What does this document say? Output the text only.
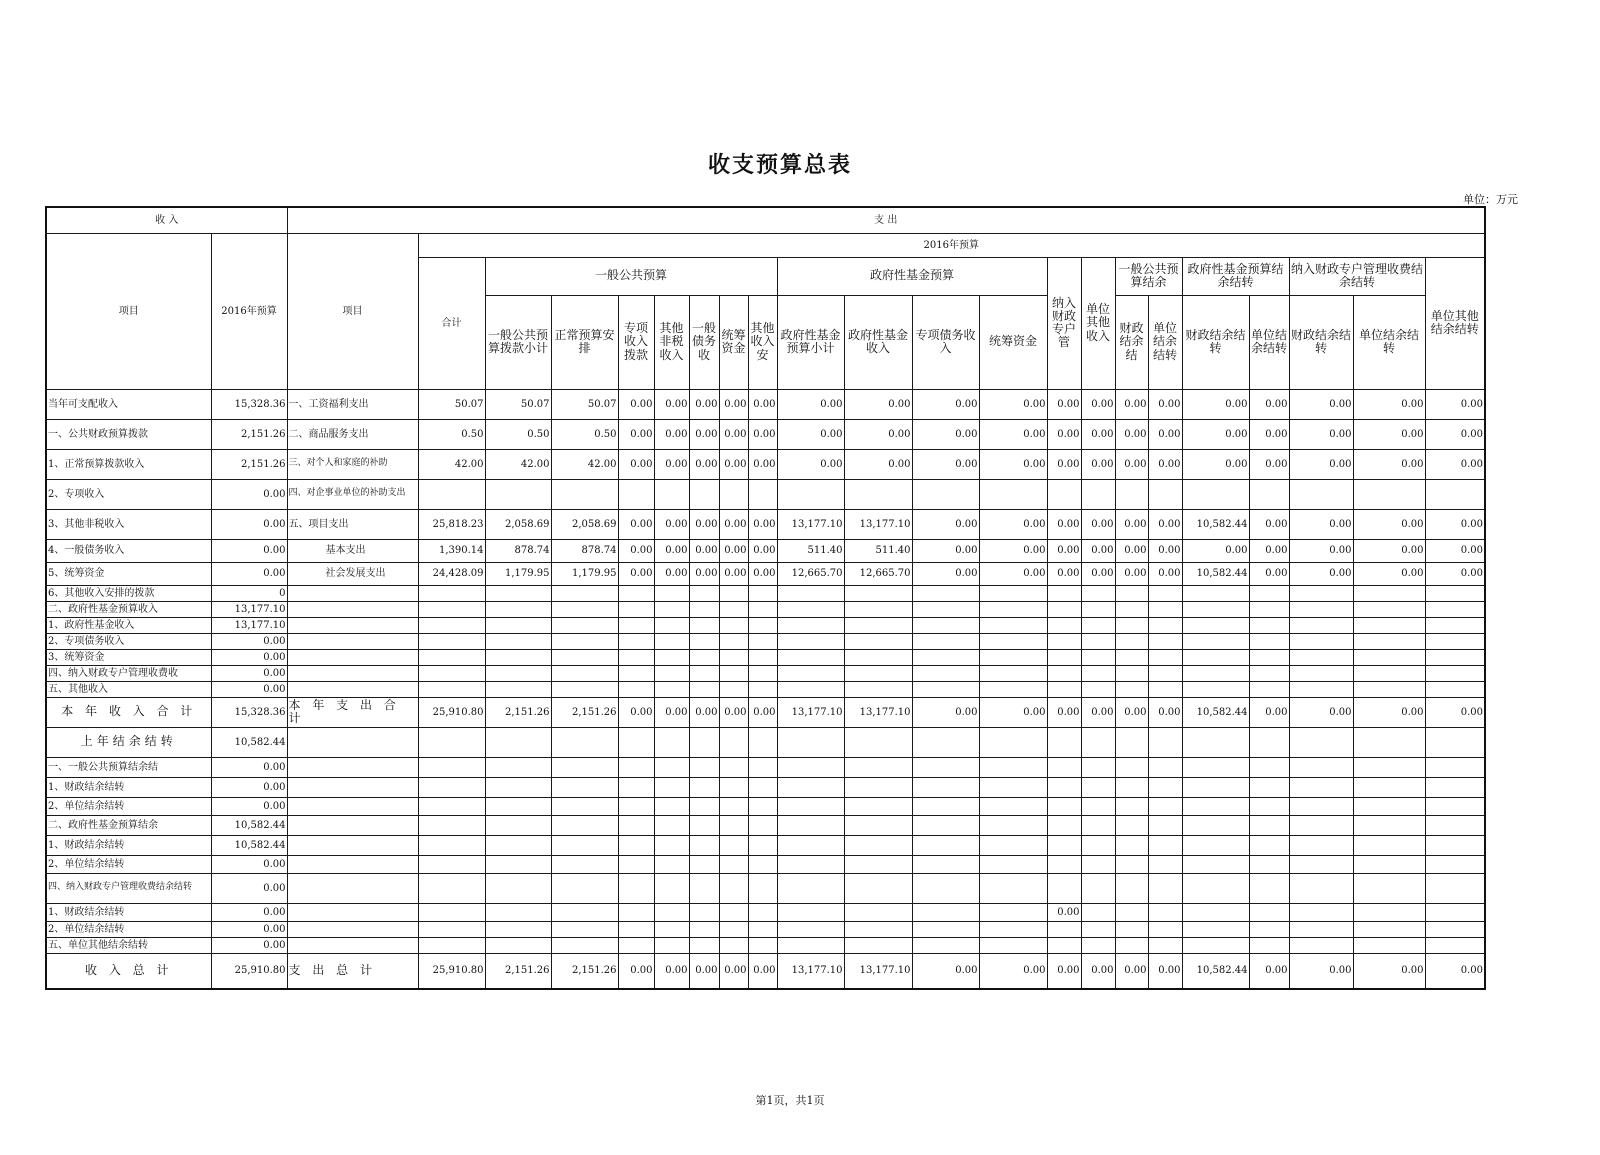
收支预算总表
单位：万元
收 入		支 出																					
项目	2016年预算	项目	2016年预算																				
			合计	一般公共预算							政府性基金预算				纳入财政专户管	单位其他收入	一般公共预算结余		政府性基金预算结余结转		纳入财政专户管理收费结余结转		单位其他结余结转
				一般公共预算拨款小计	正常预算安排	专项收入拨款	其他非税收入	一般债务收	统筹资金	其他收入安	政府性基金预算小计	政府性基金收入	专项债务收入	统筹资金			财政结余结	单位结余结转	财政结余结转	单位结余结转	财政结余结转	单位结余结转	

当年可支配收入	15,328.36	一、工资福利支出	50.07	50.07	50.07	0.00	0.00	0.00	0.00	0.00	0.00	0.00	0.00	0.00	0.00	0.00	0.00	0.00	0.00	0.00	0.00	0.00	0.00
一、公共财政预算拨款	2,151.26	二、商品服务支出	0.50	0.50	0.50	0.00	0.00	0.00	0.00	0.00	0.00	0.00	0.00	0.00	0.00	0.00	0.00	0.00	0.00	0.00	0.00	0.00	0.00
1、正常预算拨款收入	2,151.26	三、对个人和家庭的补助	42.00	42.00	42.00	0.00	0.00	0.00	0.00	0.00	0.00	0.00	0.00	0.00	0.00	0.00	0.00	0.00	0.00	0.00	0.00	0.00	0.00
2、专项收入	0.00	四、对企事业单位的补助支出																					
3、其他非税收入	0.00	五、项目支出	25,818.23	2,058.69	2,058.69	0.00	0.00	0.00	0.00	0.00	13,177.10	13,177.10	0.00	0.00	0.00	0.00	0.00	0.00	10,582.44	0.00	0.00	0.00	0.00
4、一般债务收入	0.00	基本支出	1,390.14	878.74	878.74	0.00	0.00	0.00	0.00	0.00	511.40	511.40	0.00	0.00	0.00	0.00	0.00	0.00	0.00	0.00	0.00	0.00	0.00
5、统筹资金	0.00	社会发展支出	24,428.09	1,179.95	1,179.95	0.00	0.00	0.00	0.00	0.00	12,665.70	12,665.70	0.00	0.00	0.00	0.00	0.00	0.00	10,582.44	0.00	0.00	0.00	0.00
6、其他收入安排的拨款	0																						
二、政府性基金预算收入	13,177.10																						
1、政府性基金收入	13,177.10																						
2、专项债务收入	0.00																						
3、统筹资金	0.00																						
四、纳入财政专户管理收费收	0.00																						
五、其他收入	0.00																						
本 年 收 入 合 计	15,328.36	本 年 支 出 合 计	25,910.80	2,151.26	2,151.26	0.00	0.00	0.00	0.00	0.00	13,177.10	13,177.10	0.00	0.00	0.00	0.00	0.00	0.00	10,582.44	0.00	0.00	0.00	0.00
上年结余结转	10,582.44																						
一、一般公共预算结余结	0.00																						
1、财政结余结转	0.00																						
2、单位结余结转	0.00																						
二、政府性基金预算结余	10,582.44																						
1、财政结余结转	10,582.44																						
2、单位结余结转	0.00																						
四、纳入财政专户管理收费结余结转	0.00																						
1、财政结余结转	0.00														0.00								
2、单位结余结转	0.00																						
五、单位其他结余结转	0.00																						
收 入 总 计	25,910.80	支 出 总 计	25,910.80	2,151.26	2,151.26	0.00	0.00	0.00	0.00	0.00	13,177.10	13,177.10	0.00	0.00	0.00	0.00	0.00	0.00	10,582.44	0.00	0.00	0.00	0.00
第1页，共1页
